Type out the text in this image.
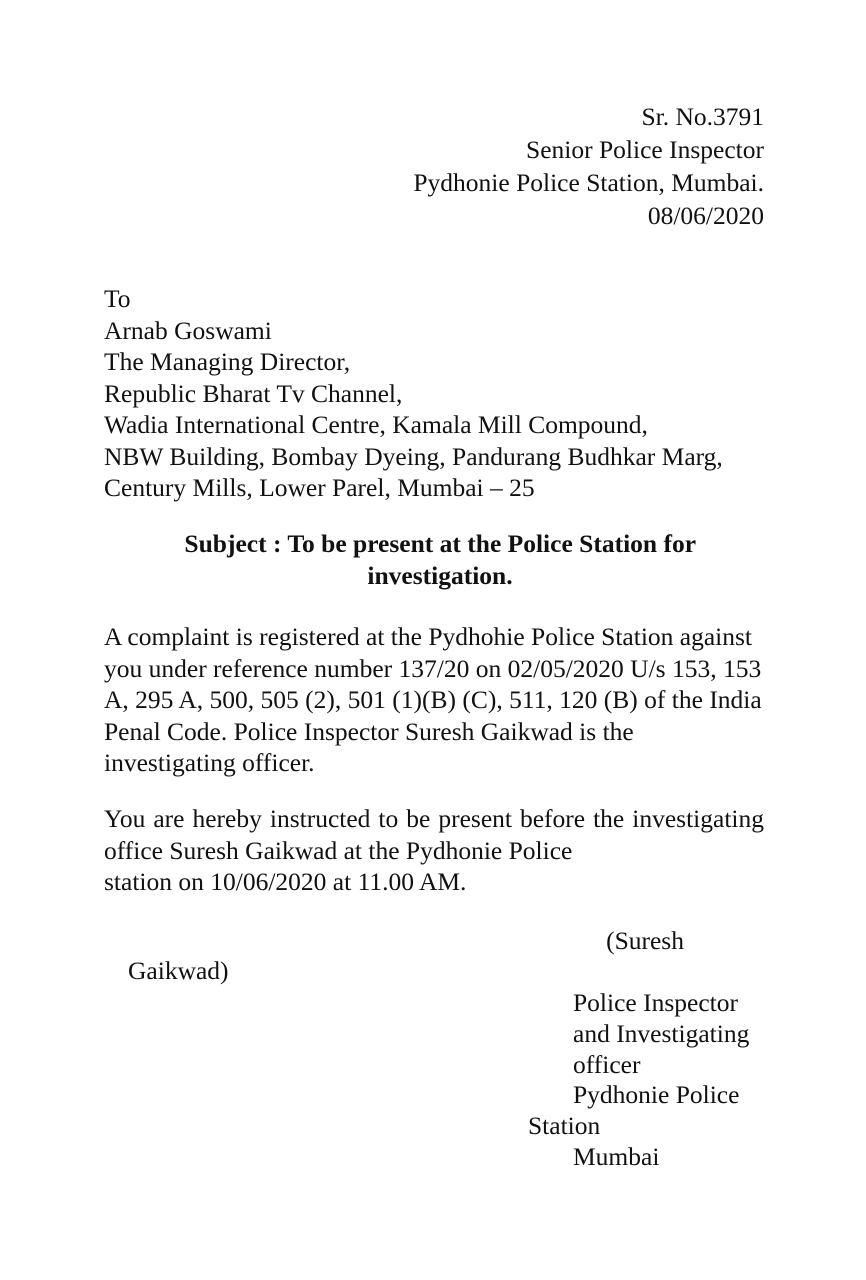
Sr. No.3791
Senior Police Inspector
Pydhonie Police Station, Mumbai.
08/06/2020
To
Arnab Goswami
The Managing Director,
Republic Bharat Tv Channel,
Wadia International Centre, Kamala Mill Compound,
NBW Building, Bombay Dyeing, Pandurang Budhkar Marg,
Century Mills, Lower Parel, Mumbai – 25
Subject : To be present at the Police Station for investigation.
A complaint is registered at the Pydhohie Police Station against you under reference number 137/20 on 02/05/2020 U/s 153, 153 A, 295 A, 500, 505 (2), 501 (1)(B) (C), 511, 120 (B) of the India Penal Code. Police Inspector Suresh Gaikwad is the investigating officer.
You are hereby instructed to be present before the investigating office Suresh Gaikwad at the Pydhonie Police
station on 10/06/2020 at 11.00 AM.
(Suresh
Gaikwad)
Police Inspector
and Investigating
officer
Pydhonie Police
Station
Mumbai
